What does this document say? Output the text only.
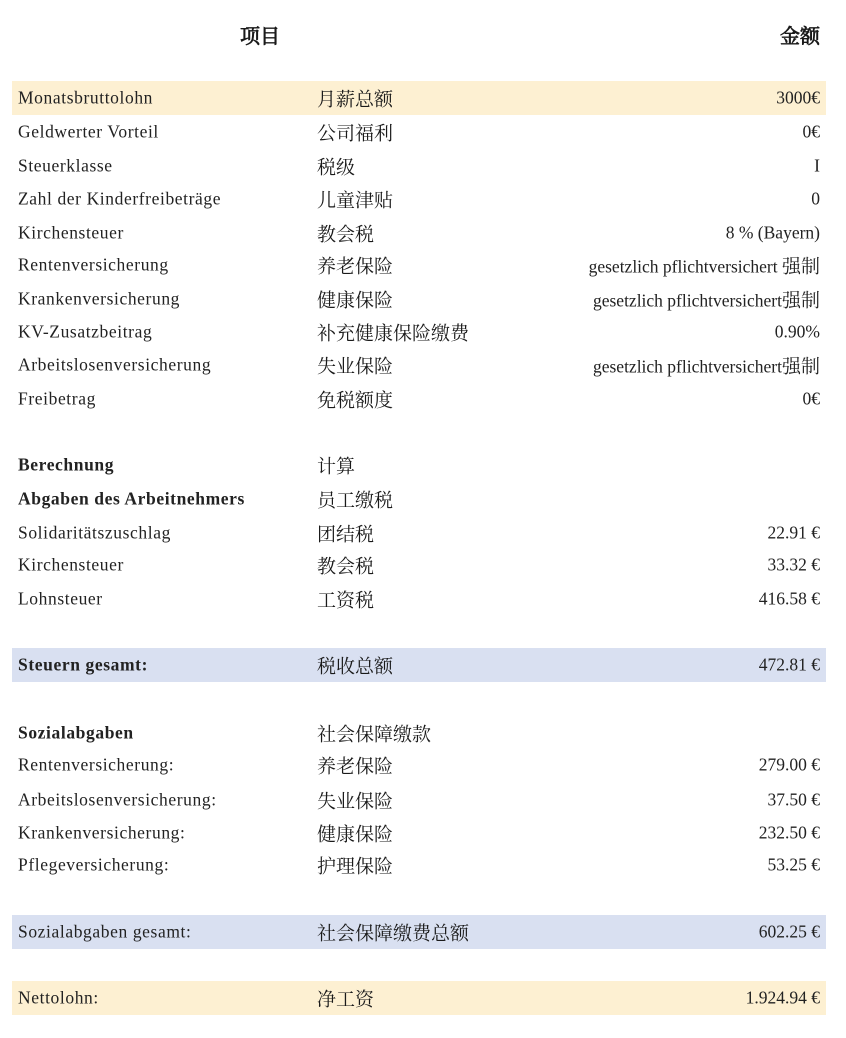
项目	金额
Monatsbruttolohn	月薪总额	3000€
Geldwerter Vorteil	公司福利	0€
Steuerklasse	税级	I
Zahl der Kinderfreibeträge	儿童津贴	0
Kirchensteuer	教会税	8 % (Bayern)
Rentenversicherung	养老保险	gesetzlich pflichtversichert 强制
Krankenversicherung	健康保险	gesetzlich pflichtversichert强制
KV-Zusatzbeitrag	补充健康保险缴费	0.90%
Arbeitslosenversicherung	失业保险	gesetzlich pflichtversichert强制
Freibetrag	免税额度	0€
Berechnung	计算
Abgaben des Arbeitnehmers	员工缴税
Solidaritätszuschlag	团结税	22.91 €
Kirchensteuer	教会税	33.32 €
Lohnsteuer	工资税	416.58 €
Steuern gesamt:	税收总额	472.81 €
Sozialabgaben	社会保障缴款
Rentenversicherung:	养老保险	279.00 €
Arbeitslosenversicherung:	失业保险	37.50 €
Krankenversicherung:	健康保险	232.50 €
Pflegeversicherung:	护理保险	53.25 €
Sozialabgaben gesamt:	社会保障缴费总额	602.25 €
Nettolohn:	净工资	1.924.94 €
